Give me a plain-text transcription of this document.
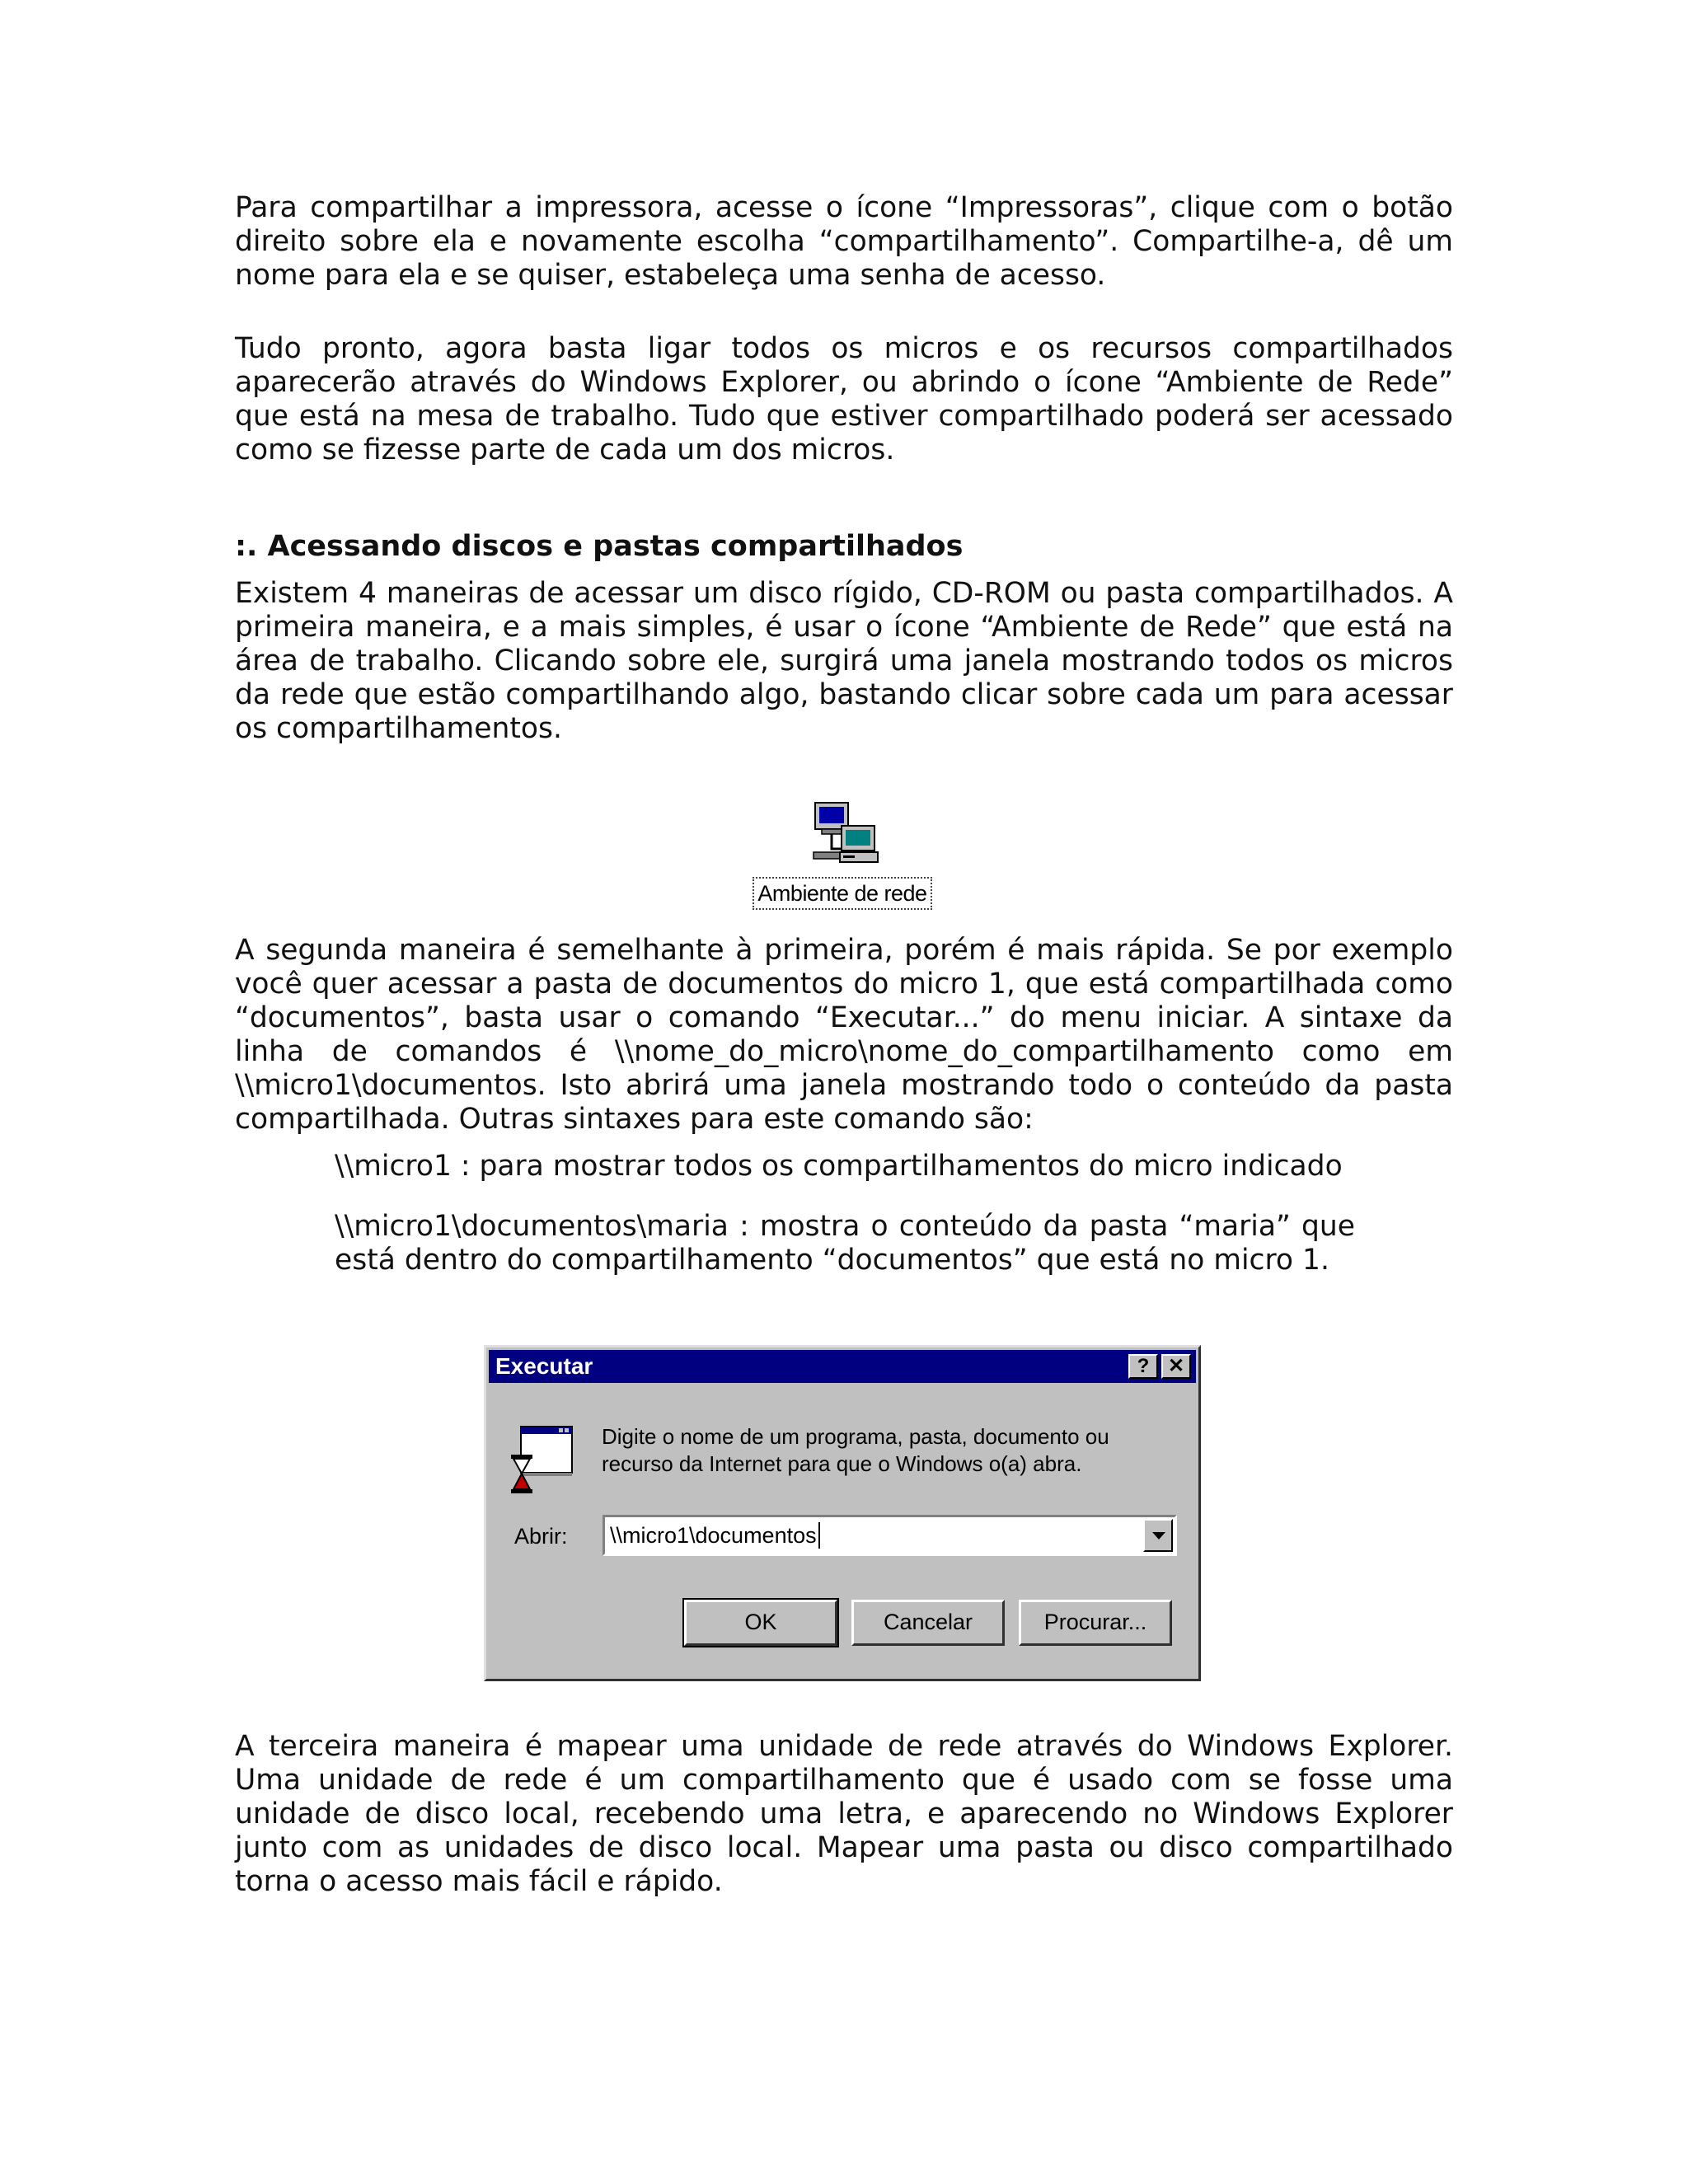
Para compartilhar a impressora, acesse o ícone “Impressoras”, clique com o botão direito sobre ela e novamente escolha “compartilhamento”. Compartilhe-a, dê um nome para ela e se quiser, estabeleça uma senha de acesso.

Tudo pronto, agora basta ligar todos os micros e os recursos compartilhados aparecerão através do Windows Explorer, ou abrindo o ícone “Ambiente de Rede” que está na mesa de trabalho. Tudo que estiver compartilhado poderá ser acessado como se fizesse parte de cada um dos micros.

:. Acessando discos e pastas compartilhados

Existem 4 maneiras de acessar um disco rígido, CD-ROM ou pasta compartilhados. A primeira maneira, e a mais simples, é usar o ícone “Ambiente de Rede” que está na área de trabalho. Clicando sobre ele, surgirá uma janela mostrando todos os micros da rede que estão compartilhando algo, bastando clicar sobre cada um para acessar os compartilhamentos.

A segunda maneira é semelhante à primeira, porém é mais rápida. Se por exemplo você quer acessar a pasta de documentos do micro 1, que está compartilhada como “documentos”, basta usar o comando “Executar...” do menu iniciar. A sintaxe da linha de comandos é \\nome_do_micro\nome_do_compartilhamento como em \\micro1\documentos. Isto abrirá uma janela mostrando todo o conteúdo da pasta compartilhada. Outras sintaxes para este comando são:

\\micro1 : para mostrar todos os compartilhamentos do micro indicado

\\micro1\documentos\maria : mostra o conteúdo da pasta “maria” que está dentro do compartilhamento “documentos” que está no micro 1.

A terceira maneira é mapear uma unidade de rede através do Windows Explorer. Uma unidade de rede é um compartilhamento que é usado com se fosse uma unidade de disco local, recebendo uma letra, e aparecendo no Windows Explorer junto com as unidades de disco local. Mapear uma pasta ou disco compartilhado torna o acesso mais fácil e rápido.

Ambiente de rede
Executar	? ✕
Digite o nome de um programa, pasta, documento ou recurso da Internet para que o Windows o(a) abra.
Abrir: \\micro1\documentos
OK	Cancelar	Procurar...
